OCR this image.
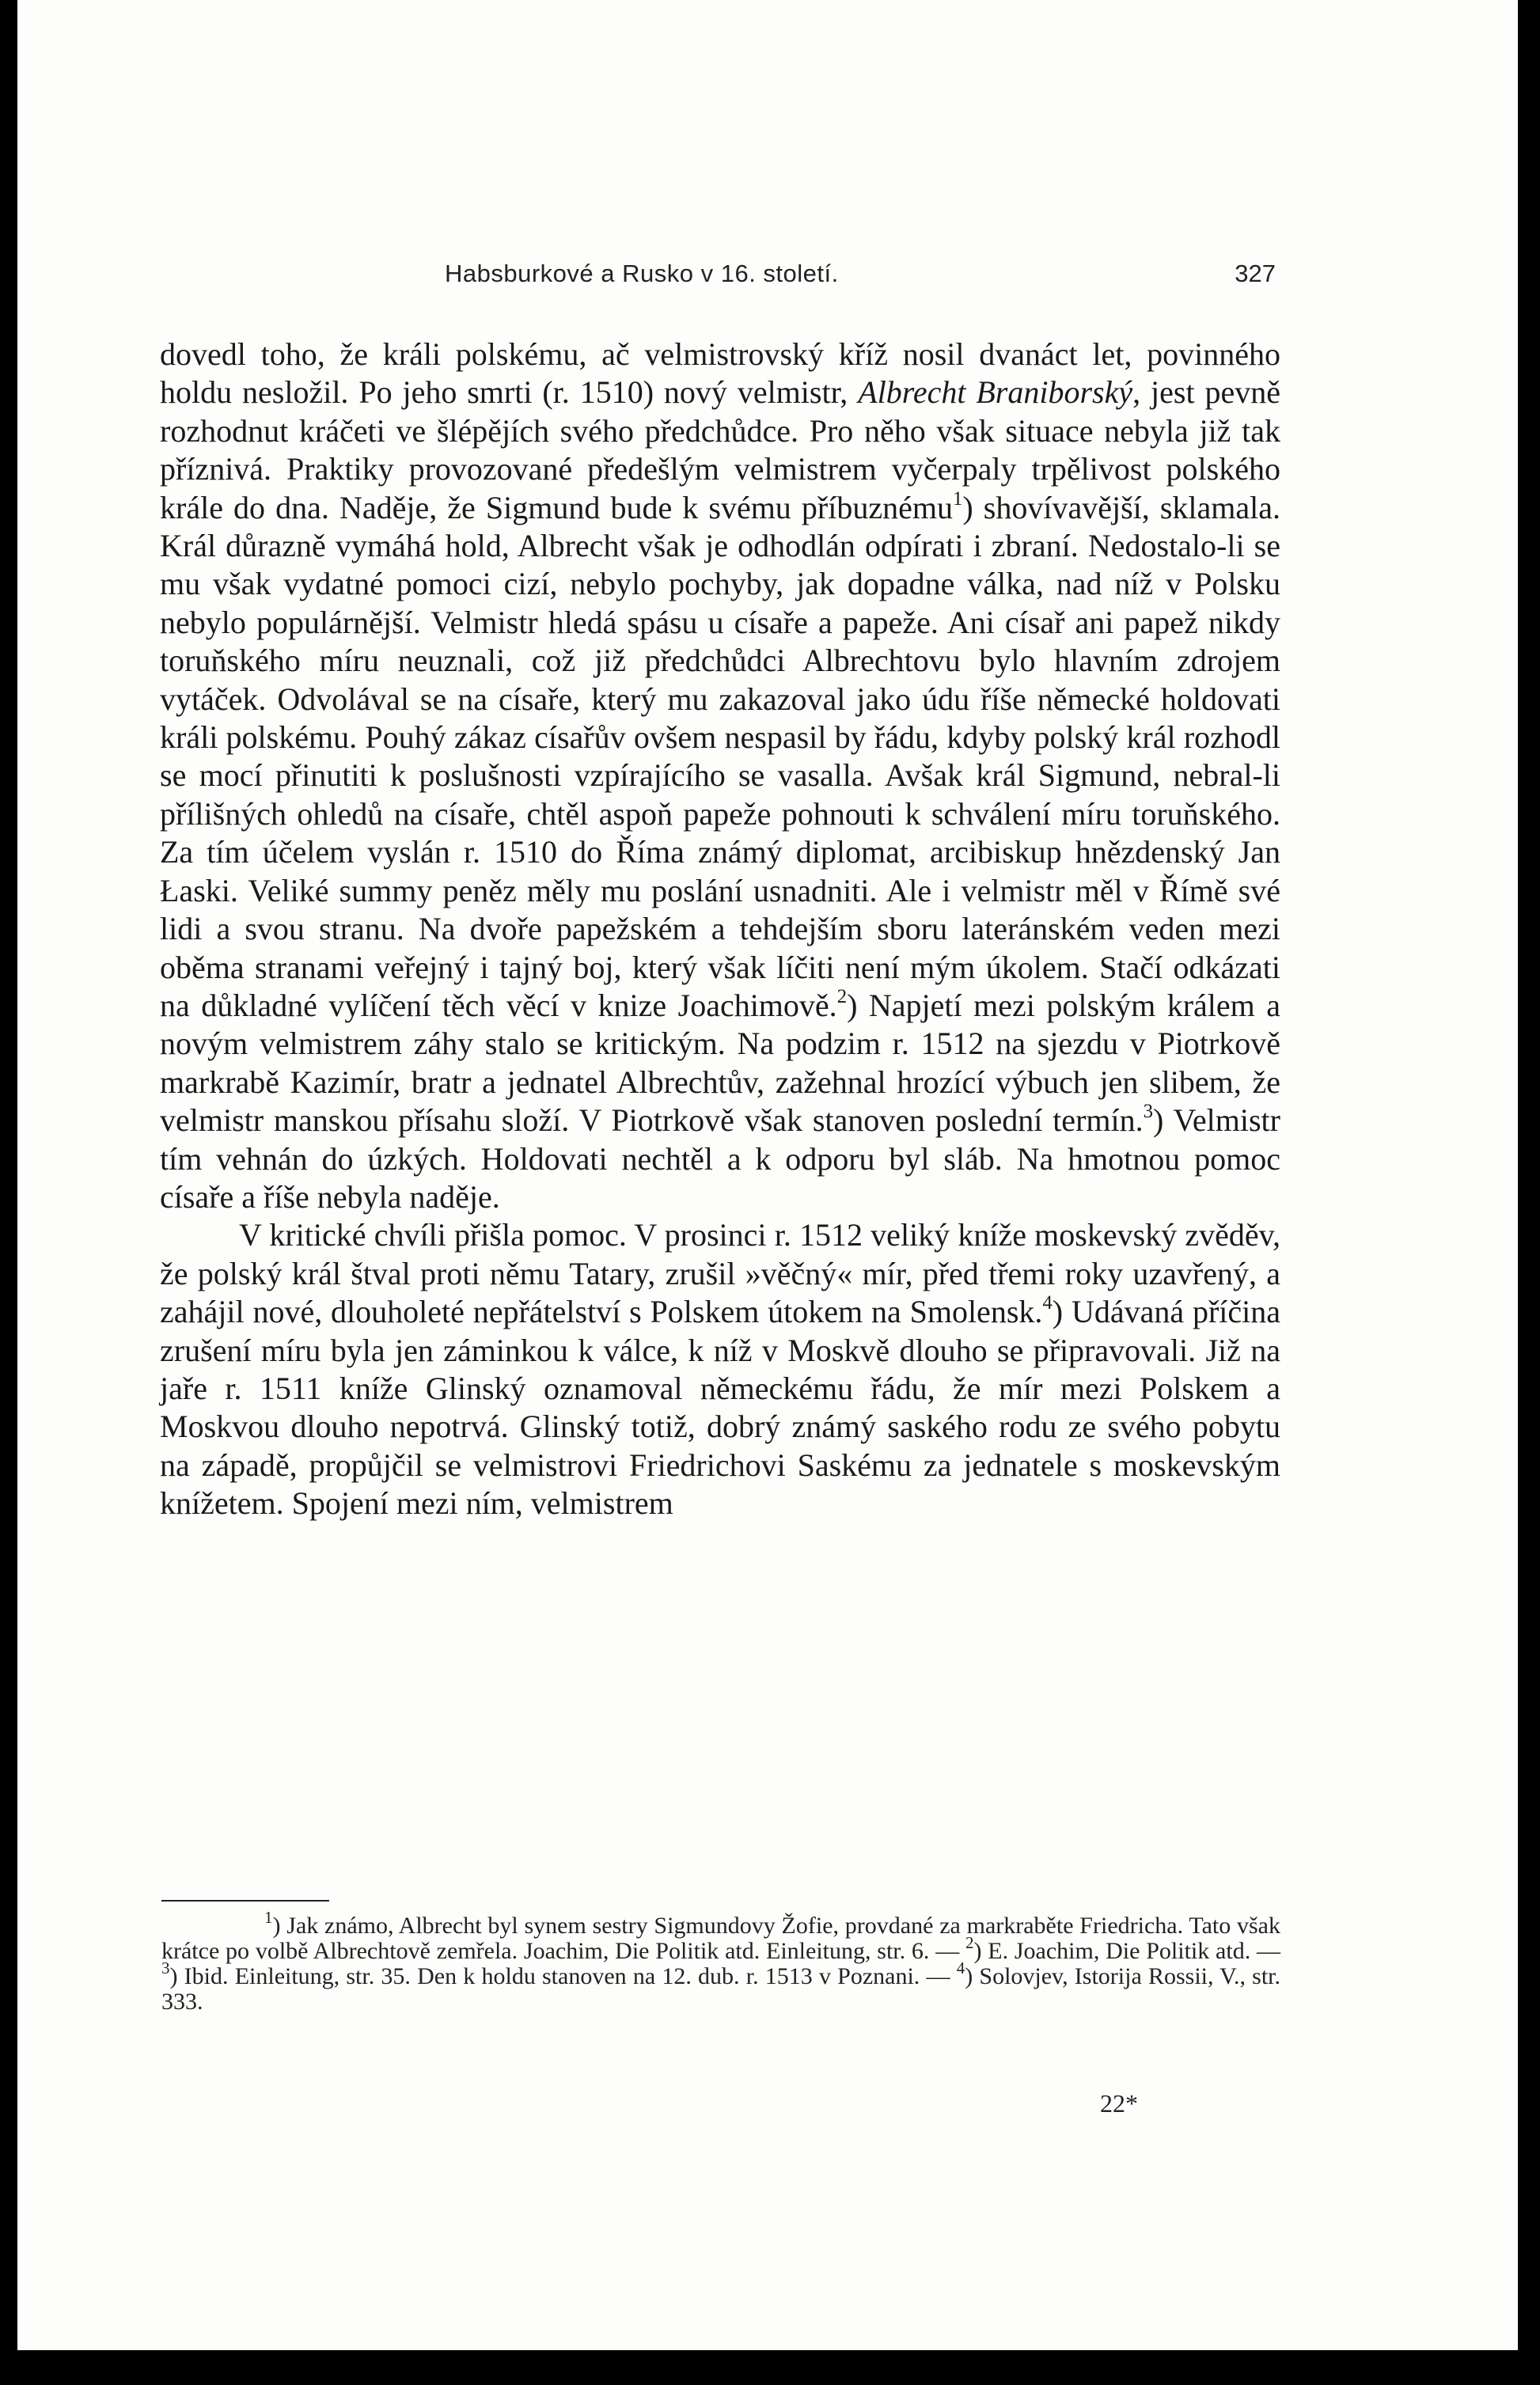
Habsburkové a Rusko v 16. století.	327

dovedl toho, že králi polskému, ač velmistrovský kříž nosil dvanáct let, povinného holdu nesložil. Po jeho smrti (r. 1510) nový velmistr, Albrecht Braniborský, jest pevně rozhodnut kráčeti ve šlépějích svého předchůdce. Pro něho však situace nebyla již tak příznivá. Praktiky provozované předešlým velmistrem vyčerpaly trpělivost polského krále do dna. Naděje, že Sigmund bude k svému příbuznému$^1$) shovívavější, sklamala. Král důrazně vymáhá hold, Albrecht však je odhodlán odpírati i zbraní. Nedostalo-li se mu však vydatné pomoci cizí, nebylo pochyby, jak dopadne válka, nad níž v Polsku nebylo populárnější. Velmistr hledá spásu u císaře a papeže. Ani císař ani papež nikdy toruňského míru neuznali, což již předchůdci Albrechtovu bylo hlavním zdrojem vytáček. Odvolával se na císaře, který mu zakazoval jako údu říše německé holdovati králi polskému. Pouhý zákaz císařův ovšem nespasil by řádu, kdyby polský král rozhodl se mocí přinutiti k poslušnosti vzpírajícího se vasalla. Avšak král Sigmund, nebral-li přílišných ohledů na císaře, chtěl aspoň papeže pohnouti k schválení míru toruňského. Za tím účelem vyslán r. 1510 do Říma známý diplomat, arcibiskup hnězdenský Jan Łaski. Veliké summy peněz měly mu poslání usnadniti. Ale i velmistr měl v Římě své lidi a svou stranu. Na dvoře papežském a tehdejším sboru lateránském veden mezi oběma stranami veřejný i tajný boj, který však líčiti není mým úkolem. Stačí odkázati na důkladné vylíčení těch věcí v knize Joachimově.$^2$) Napjetí mezi polským králem a novým velmistrem záhy stalo se kritickým. Na podzim r. 1512 na sjezdu v Piotrkově markrabě Kazimír, bratr a jednatel Albrechtův, zažehnal hrozící výbuch jen slibem, že velmistr manskou přísahu složí. V Piotrkově však stanoven poslední termín.$^3$) Velmistr tím vehnán do úzkých. Holdovati nechtěl a k odporu byl sláb. Na hmotnou pomoc císaře a říše nebyla naděje.

V kritické chvíli přišla pomoc. V prosinci r. 1512 veliký kníže moskevský zvěděv, že polský král štval proti němu Tatary, zrušil »věčný« mír, před třemi roky uzavřený, a zahájil nové, dlouholeté nepřátelství s Polskem útokem na Smolensk.$^4$) Udávaná příčina zrušení míru byla jen záminkou k válce, k níž v Moskvě dlouho se připravovali. Již na jaře r. 1511 kníže Glinský oznamoval německému řádu, že mír mezi Polskem a Moskvou dlouho nepotrvá. Glinský totiž, dobrý známý saského rodu ze svého pobytu na západě, propůjčil se velmistrovi Friedrichovi Saskému za jednatele s moskevským knížetem. Spojení mezi ním, velmistrem

$^1$) Jak známo, Albrecht byl synem sestry Sigmundovy Žofie, provdané za markraběte Friedricha. Tato však krátce po volbě Albrechtově zemřela. Joachim, Die Politik atd. Einleitung, str. 6. — $^2$) E. Joachim, Die Politik atd. — $^3$) Ibid. Einleitung, str. 35. Den k holdu stanoven na 12. dub. r. 1513 v Poznani. — $^4$) Solovjev, Istorija Rossii, V., str. 333.

22*
